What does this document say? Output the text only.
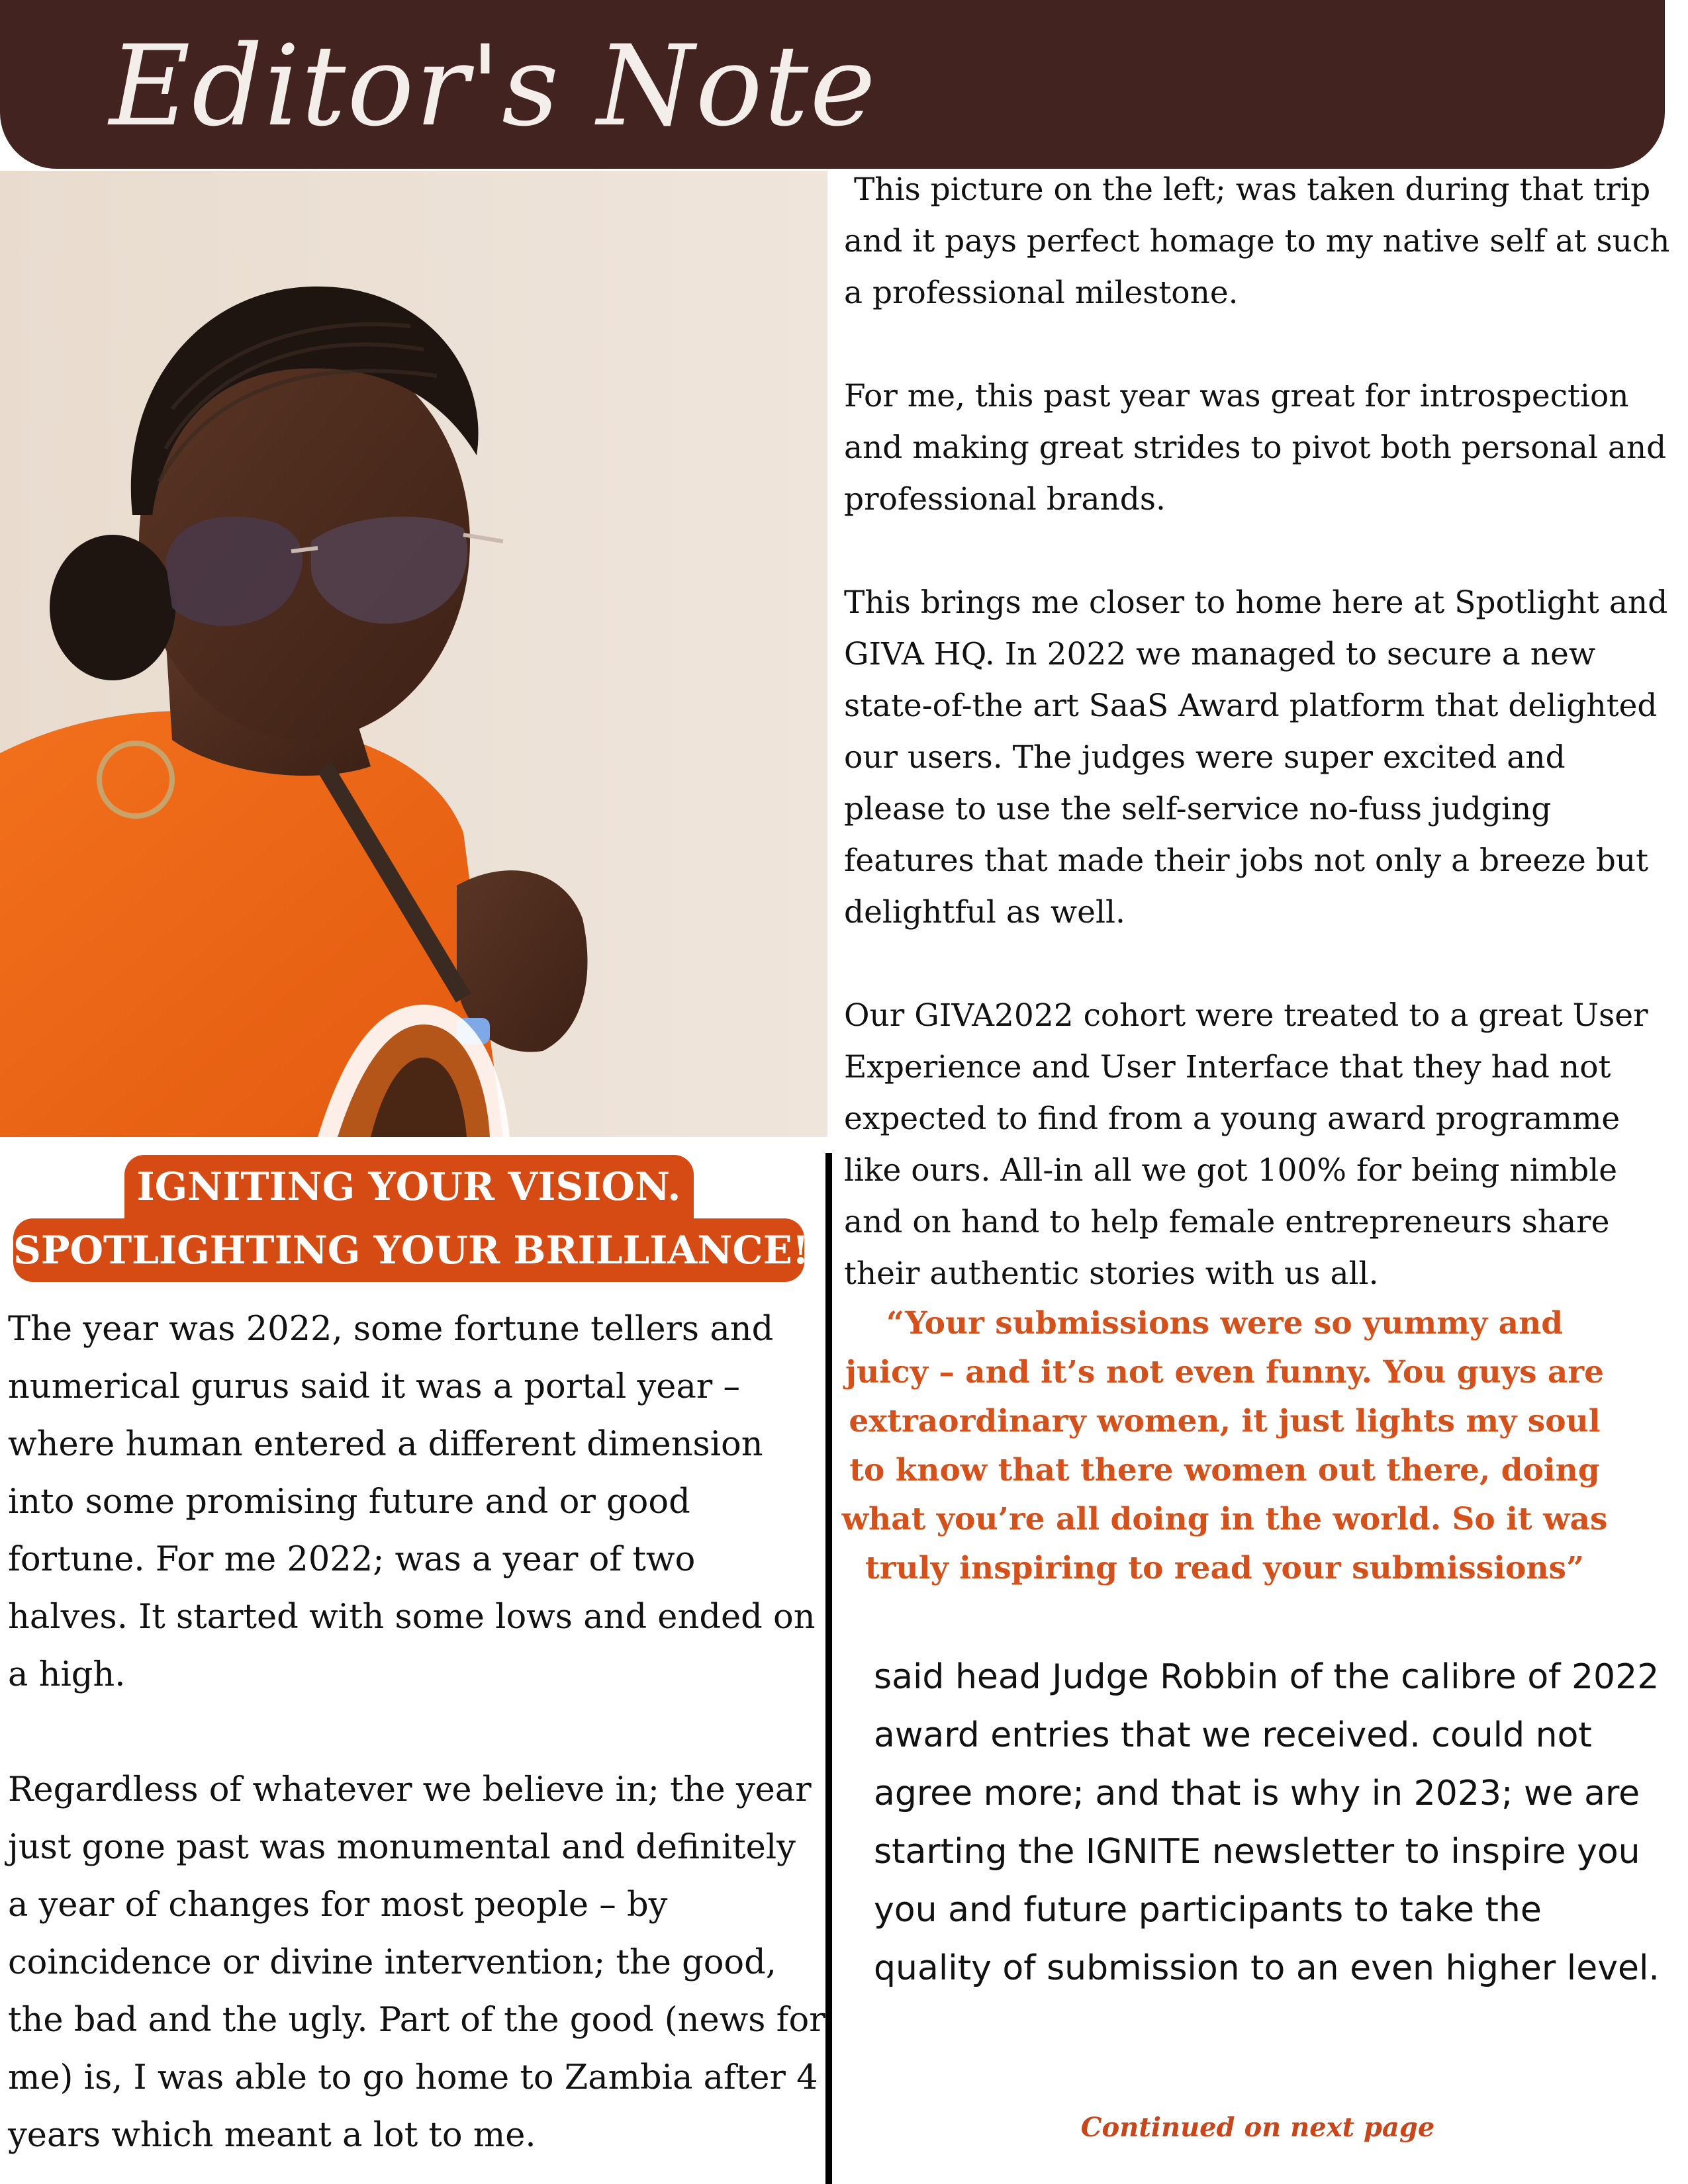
Editor's Note
IGNITING YOUR VISION.
SPOTLIGHTING YOUR BRILLIANCE!

The year was 2022, some fortune tellers and numerical gurus said it was a portal year – where human entered a different dimension into some promising future and or good fortune. For me 2022; was a year of two halves. It started with some lows and ended on a high.

Regardless of whatever we believe in; the year just gone past was monumental and definitely a year of changes for most people – by coincidence or divine intervention; the good, the bad and the ugly. Part of the good (news for me) is, I was able to go home to Zambia after 4 years which meant a lot to me.

This picture on the left; was taken during that trip and it pays perfect homage to my native self at such a professional milestone.

For me, this past year was great for introspection and making great strides to pivot both personal and professional brands.

This brings me closer to home here at Spotlight and GIVA HQ. In 2022 we managed to secure a new state-of-the art SaaS Award platform that delighted our users. The judges were super excited and please to use the self-service no-fuss judging features that made their jobs not only a breeze but delightful as well.

Our GIVA2022 cohort were treated to a great User Experience and User Interface that they had not expected to find from a young award programme like ours. All-in all we got 100% for being nimble and on hand to help female entrepreneurs share their authentic stories with us all.

“Your submissions were so yummy and juicy – and it’s not even funny. You guys are extraordinary women, it just lights my soul to know that there women out there, doing what you’re all doing in the world. So it was truly inspiring to read your submissions”
said head Judge Robbin of the calibre of 2022 award entries that we received. could not agree more; and that is why in 2023; we are starting the IGNITE newsletter to inspire you you and future participants to take the quality of submission to an even higher level.
Continued on next page
